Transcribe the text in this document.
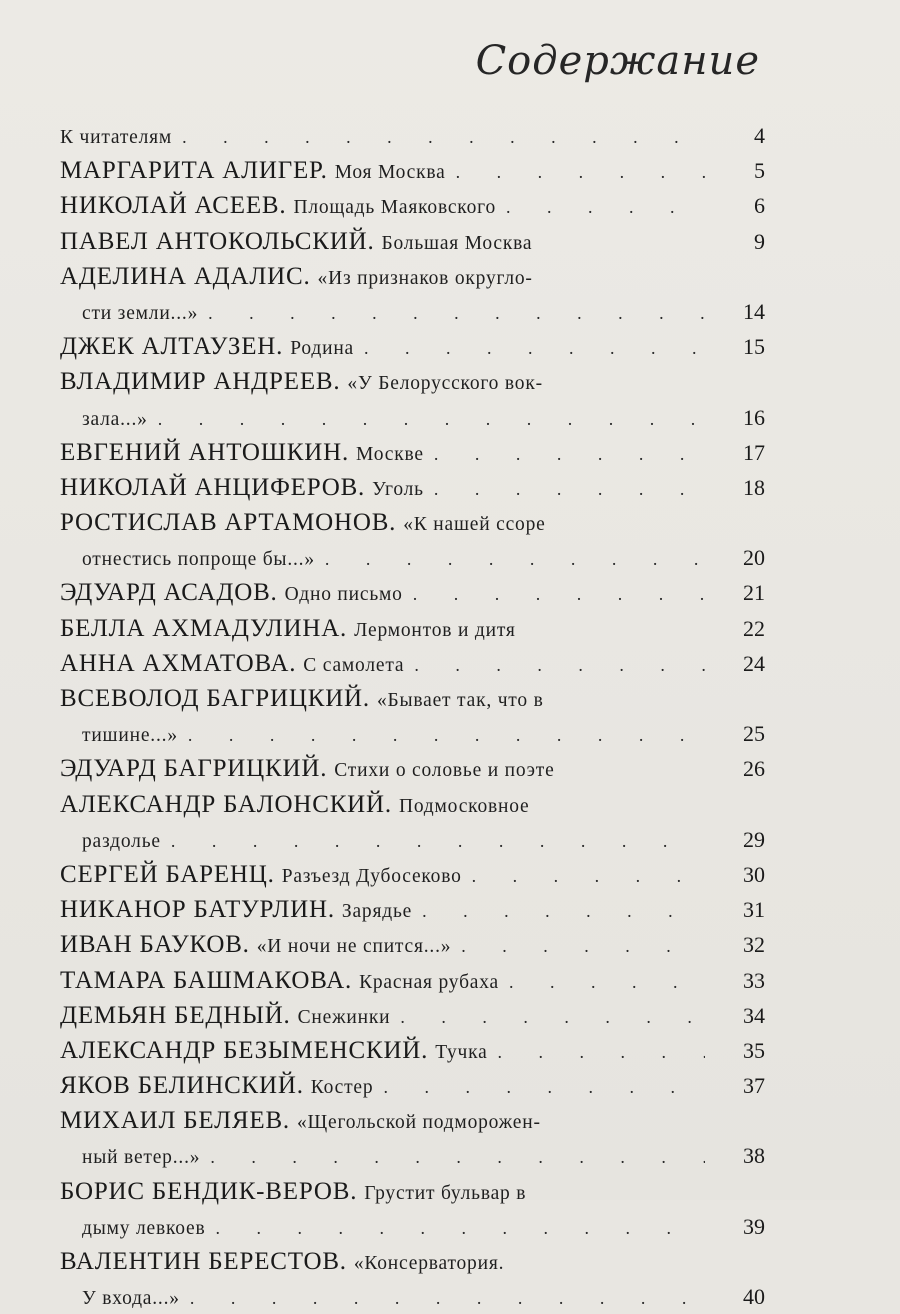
Содержание
К читателям . . .	4
МАРГАРИТА АЛИГЕР. Моя Москва . . .	5
НИКОЛАЙ АСЕЕВ. Площадь Маяковского . . .	6
ПАВЕЛ АНТОКОЛЬСКИЙ. Большая Москва	9
АДЕЛИНА АДАЛИС. «Из признаков округло-
сти земли...» . . .	14
ДЖЕК АЛТАУЗЕН. Родина . . .	15
ВЛАДИМИР АНДРЕЕВ. «У Белорусского вок-
зала...» . . .	16
ЕВГЕНИЙ АНТОШКИН. Москве . . .	17
НИКОЛАЙ АНЦИФЕРОВ. Уголь . . .	18
РОСТИСЛАВ АРТАМОНОВ. «К нашей ссоре
отнестись попроще бы...» . . .	20
ЭДУАРД АСАДОВ. Одно письмо . . .	21
БЕЛЛА АХМАДУЛИНА. Лермонтов и дитя	22
АННА АХМАТОВА. С самолета . . .	24
ВСЕВОЛОД БАГРИЦКИЙ. «Бывает так, что в
тишине...» . . .	25
ЭДУАРД БАГРИЦКИЙ. Стихи о соловье и поэте	26
АЛЕКСАНДР БАЛОНСКИЙ. Подмосковное
раздолье . . .	29
СЕРГЕЙ БАРЕНЦ. Разъезд Дубосеково . . .	30
НИКАНОР БАТУРЛИН. Зарядье . . .	31
ИВАН БАУКОВ. «И ночи не спится...» . . .	32
ТАМАРА БАШМАКОВА. Красная рубаха . . .	33
ДЕМЬЯН БЕДНЫЙ. Снежинки . . .	34
АЛЕКСАНДР БЕЗЫМЕНСКИЙ. Тучка . . .	35
ЯКОВ БЕЛИНСКИЙ. Костер . . .	37
МИХАИЛ БЕЛЯЕВ. «Щегольской подморожен-
ный ветер...» . . .	38
БОРИС БЕНДИК-ВЕРОВ. Грустит бульвар в
дыму левкоев . . .	39
ВАЛЕНТИН БЕРЕСТОВ. «Консерватория.
У входа...» . . .	40
